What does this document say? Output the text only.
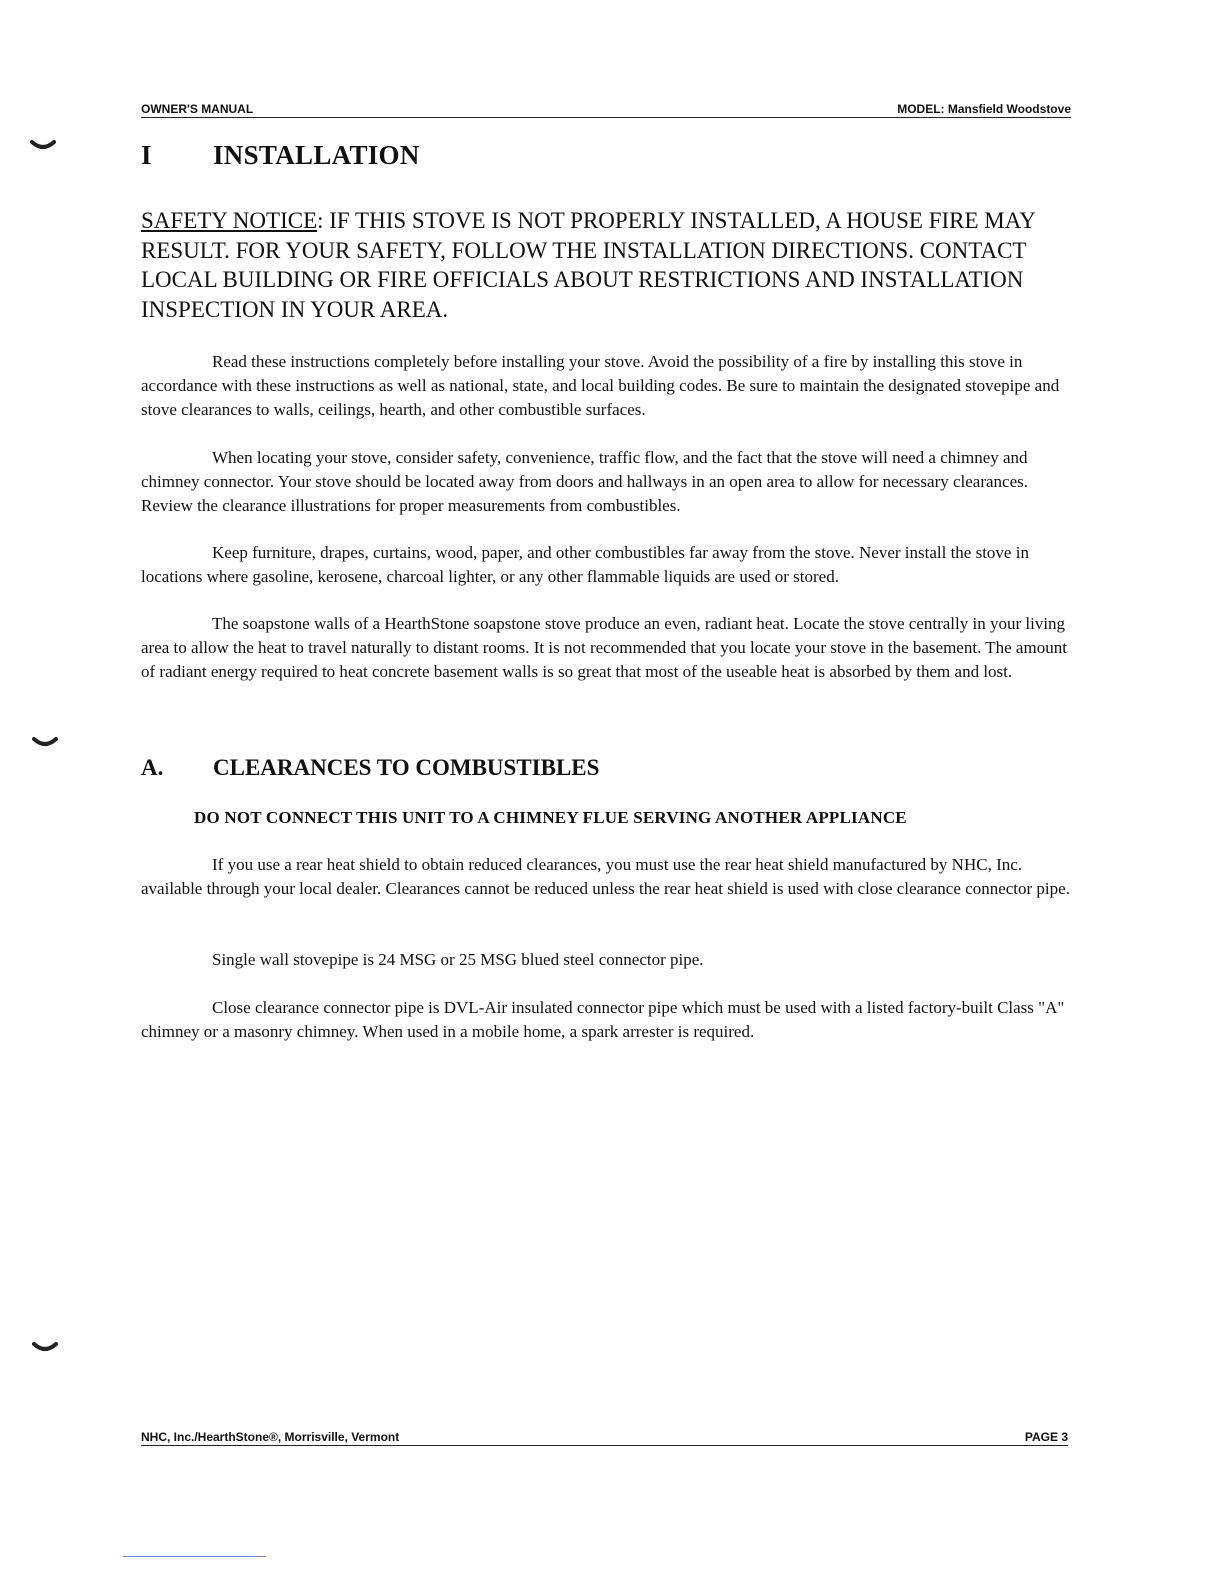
OWNER'S MANUAL	MODEL: Mansfield Woodstove
I INSTALLATION
SAFETY NOTICE: IF THIS STOVE IS NOT PROPERLY INSTALLED, A HOUSE FIRE MAY RESULT. FOR YOUR SAFETY, FOLLOW THE INSTALLATION DIRECTIONS. CONTACT LOCAL BUILDING OR FIRE OFFICIALS ABOUT RESTRICTIONS AND INSTALLATION INSPECTION IN YOUR AREA.

Read these instructions completely before installing your stove. Avoid the possibility of a fire by installing this stove in accordance with these instructions as well as national, state, and local building codes. Be sure to maintain the designated stovepipe and stove clearances to walls, ceilings, hearth, and other combustible surfaces.

When locating your stove, consider safety, convenience, traffic flow, and the fact that the stove will need a chimney and chimney connector. Your stove should be located away from doors and hallways in an open area to allow for necessary clearances. Review the clearance illustrations for proper measurements from combustibles.

Keep furniture, drapes, curtains, wood, paper, and other combustibles far away from the stove. Never install the stove in locations where gasoline, kerosene, charcoal lighter, or any other flammable liquids are used or stored.

The soapstone walls of a HearthStone soapstone stove produce an even, radiant heat. Locate the stove centrally in your living area to allow the heat to travel naturally to distant rooms. It is not recommended that you locate your stove in the basement. The amount of radiant energy required to heat concrete basement walls is so great that most of the useable heat is absorbed by them and lost.

A. CLEARANCES TO COMBUSTIBLES
DO NOT CONNECT THIS UNIT TO A CHIMNEY FLUE SERVING ANOTHER APPLIANCE

If you use a rear heat shield to obtain reduced clearances, you must use the rear heat shield manufactured by NHC, Inc. available through your local dealer. Clearances cannot be reduced unless the rear heat shield is used with close clearance connector pipe.

Single wall stovepipe is 24 MSG or 25 MSG blued steel connector pipe.

Close clearance connector pipe is DVL-Air insulated connector pipe which must be used with a listed factory-built Class "A" chimney or a masonry chimney. When used in a mobile home, a spark arrester is required.

NHC, Inc./HearthStone®, Morrisville, Vermont	PAGE 3
